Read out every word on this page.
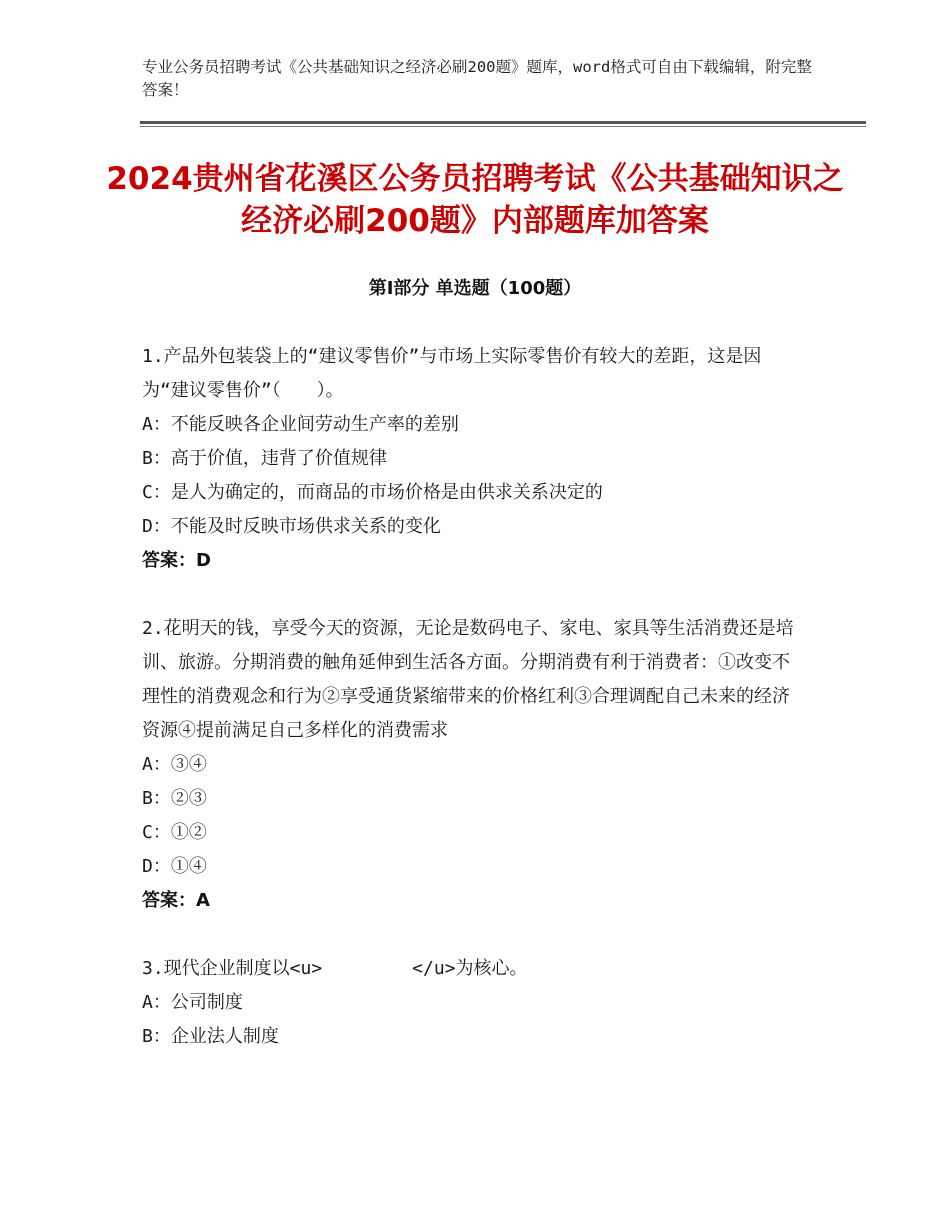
专业公务员招聘考试《公共基础知识之经济必刷200题》题库，word格式可自由下载编辑，附完整答案！
2024贵州省花溪区公务员招聘考试《公共基础知识之经济必刷200题》内部题库加答案
第Ⅰ部分 单选题（100题）
1.产品外包装袋上的“建议零售价”与市场上实际零售价有较大的差距，这是因为“建议零售价”（　　）。
A：不能反映各企业间劳动生产率的差别
B：高于价值，违背了价值规律
C：是人为确定的，而商品的市场价格是由供求关系决定的
D：不能及时反映市场供求关系的变化
答案：D
2.花明天的钱，享受今天的资源，无论是数码电子、家电、家具等生活消费还是培训、旅游。分期消费的触角延伸到生活各方面。分期消费有利于消费者：①改变不理性的消费观念和行为②享受通货紧缩带来的价格红利③合理调配自己未来的经济资源④提前满足自己多样化的消费需求
A：③④
B：②③
C：①②
D：①④
答案：A
3.现代企业制度以<u>　　　　　</u>为核心。
A：公司制度
B：企业法人制度
